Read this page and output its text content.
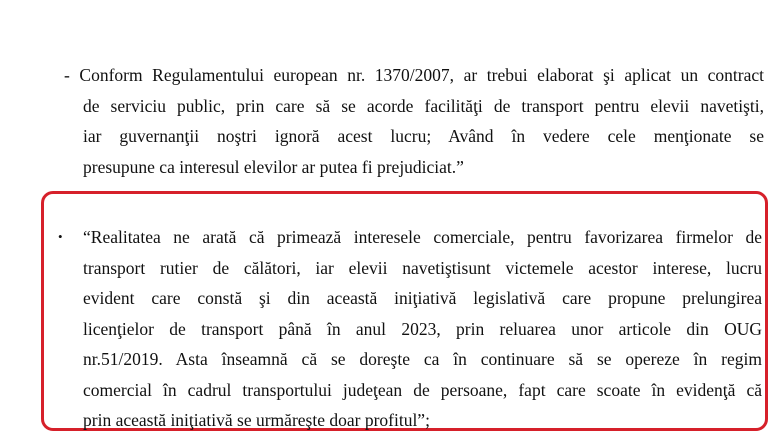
- Conform Regulamentului european nr. 1370/2007, ar trebui elaborat şi aplicat un contract
de serviciu public, prin care să se acorde facilităţi de transport pentru elevii navetişti,
iar guvernanţii noştri ignoră acest lucru; Având în vedere cele menţionate se
presupune ca interesul elevilor ar putea fi prejudiciat.”
•	“Realitatea ne arată că primează interesele comerciale, pentru favorizarea firmelor de
transport rutier de călători, iar elevii navetiştisunt victemele acestor interese, lucru
evident care constă şi din această iniţiativă legislativă care propune prelungirea
licenţielor de transport până în anul 2023, prin reluarea unor articole din OUG
nr.51/2019. Asta înseamnă că se doreşte ca în continuare să se opereze în regim
comercial în cadrul transportului judeţean de persoane, fapt care scoate în evidenţă că
prin această iniţiativă se urmăreşte doar profitul”;
